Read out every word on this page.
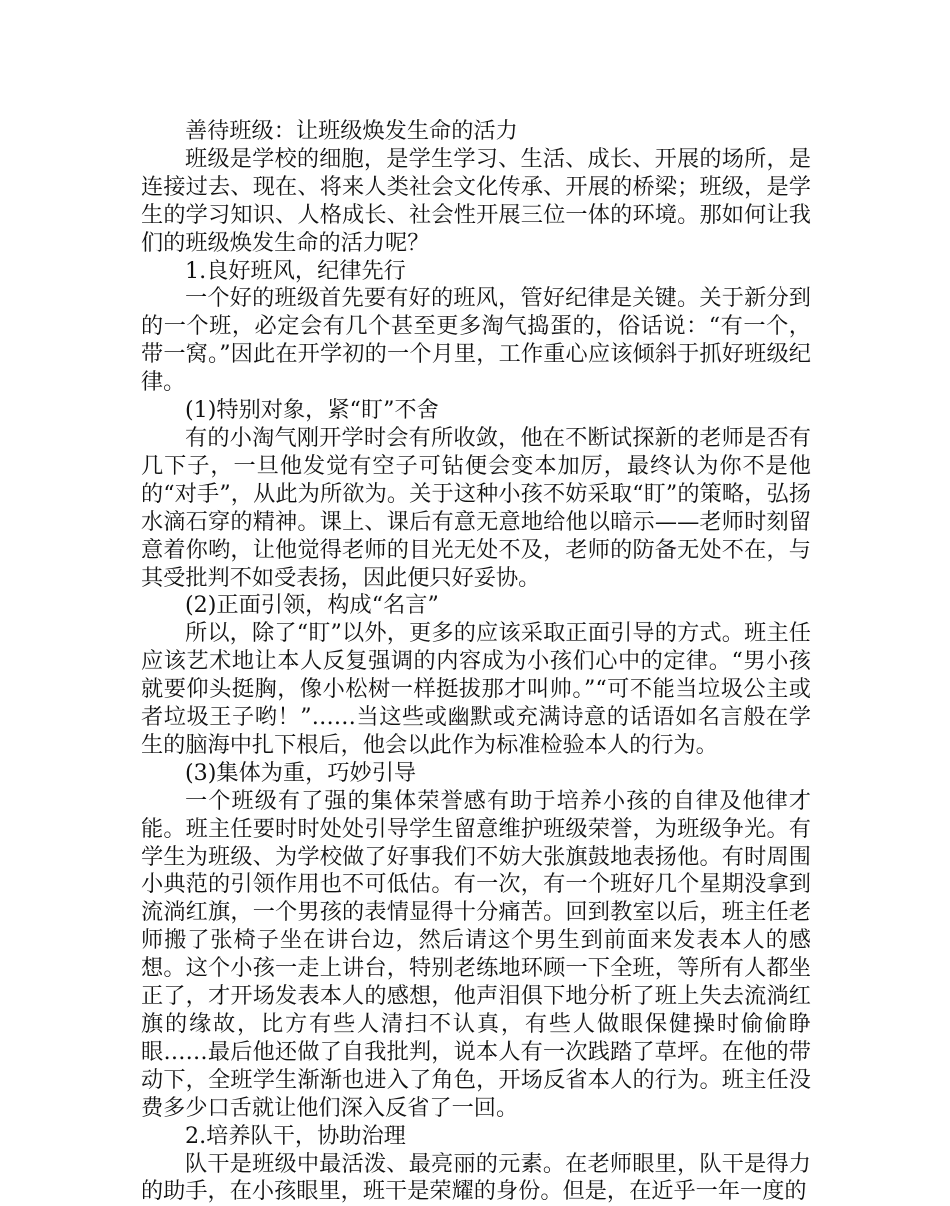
善待班级：让班级焕发生命的活力

班级是学校的细胞，是学生学习、生活、成长、开展的场所，是连接过去、现在、将来人类社会文化传承、开展的桥梁；班级，是学生的学习知识、人格成长、社会性开展三位一体的环境。那如何让我们的班级焕发生命的活力呢？

1.良好班风，纪律先行

一个好的班级首先要有好的班风，管好纪律是关键。关于新分到的一个班，必定会有几个甚至更多淘气捣蛋的，俗话说：“有一个，带一窝。”因此在开学初的一个月里，工作重心应该倾斜于抓好班级纪律。

(1)特别对象，紧“盯”不舍

有的小淘气刚开学时会有所收敛，他在不断试探新的老师是否有几下子，一旦他发觉有空子可钻便会变本加厉，最终认为你不是他的“对手”，从此为所欲为。关于这种小孩不妨采取“盯”的策略，弘扬水滴石穿的精神。课上、课后有意无意地给他以暗示——老师时刻留意着你哟，让他觉得老师的目光无处不及，老师的防备无处不在，与其受批判不如受表扬，因此便只好妥协。

(2)正面引领，构成“名言”

所以，除了“盯”以外，更多的应该采取正面引导的方式。班主任应该艺术地让本人反复强调的内容成为小孩们心中的定律。“男小孩就要仰头挺胸，像小松树一样挺拔那才叫帅。”“可不能当垃圾公主或者垃圾王子哟！”……当这些或幽默或充满诗意的话语如名言般在学生的脑海中扎下根后，他会以此作为标准检验本人的行为。

(3)集体为重，巧妙引导

一个班级有了强的集体荣誉感有助于培养小孩的自律及他律才能。班主任要时时处处引导学生留意维护班级荣誉，为班级争光。有学生为班级、为学校做了好事我们不妨大张旗鼓地表扬他。有时周围小典范的引领作用也不可低估。有一次，有一个班好几个星期没拿到流淌红旗，一个男孩的表情显得十分痛苦。回到教室以后，班主任老师搬了张椅子坐在讲台边，然后请这个男生到前面来发表本人的感想。这个小孩一走上讲台，特别老练地环顾一下全班，等所有人都坐正了，才开场发表本人的感想，他声泪俱下地分析了班上失去流淌红旗的缘故，比方有些人清扫不认真，有些人做眼保健操时偷偷睁眼……最后他还做了自我批判，说本人有一次践踏了草坪。在他的带动下，全班学生渐渐也进入了角色，开场反省本人的行为。班主任没费多少口舌就让他们深入反省了一回。

2.培养队干，协助治理

队干是班级中最活泼、最亮丽的元素。在老师眼里，队干是得力的助手，在小孩眼里，班干是荣耀的身份。但是，在近乎一年一度的
